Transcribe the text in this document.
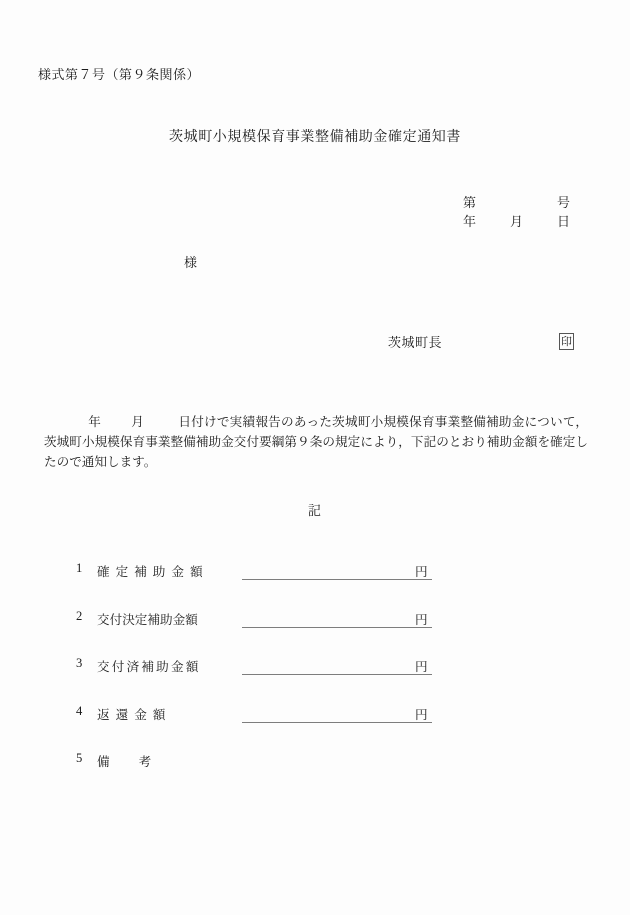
様式第７号（第９条関係）
茨城町小規模保育事業整備補助金確定通知書
第	号
年	月	日
様
茨城町長	印
年 月	日付けで実績報告のあった茨城町小規模保育事業整備補助金について，茨城町小規模保育事業整備補助金交付要綱第９条の規定により，下記のとおり補助金額を確定したので通知します。
記
1 確定補助金額	円
2 交付決定補助金額	円
3 交付済補助金額	円
4 返還金額	円
5 備考
